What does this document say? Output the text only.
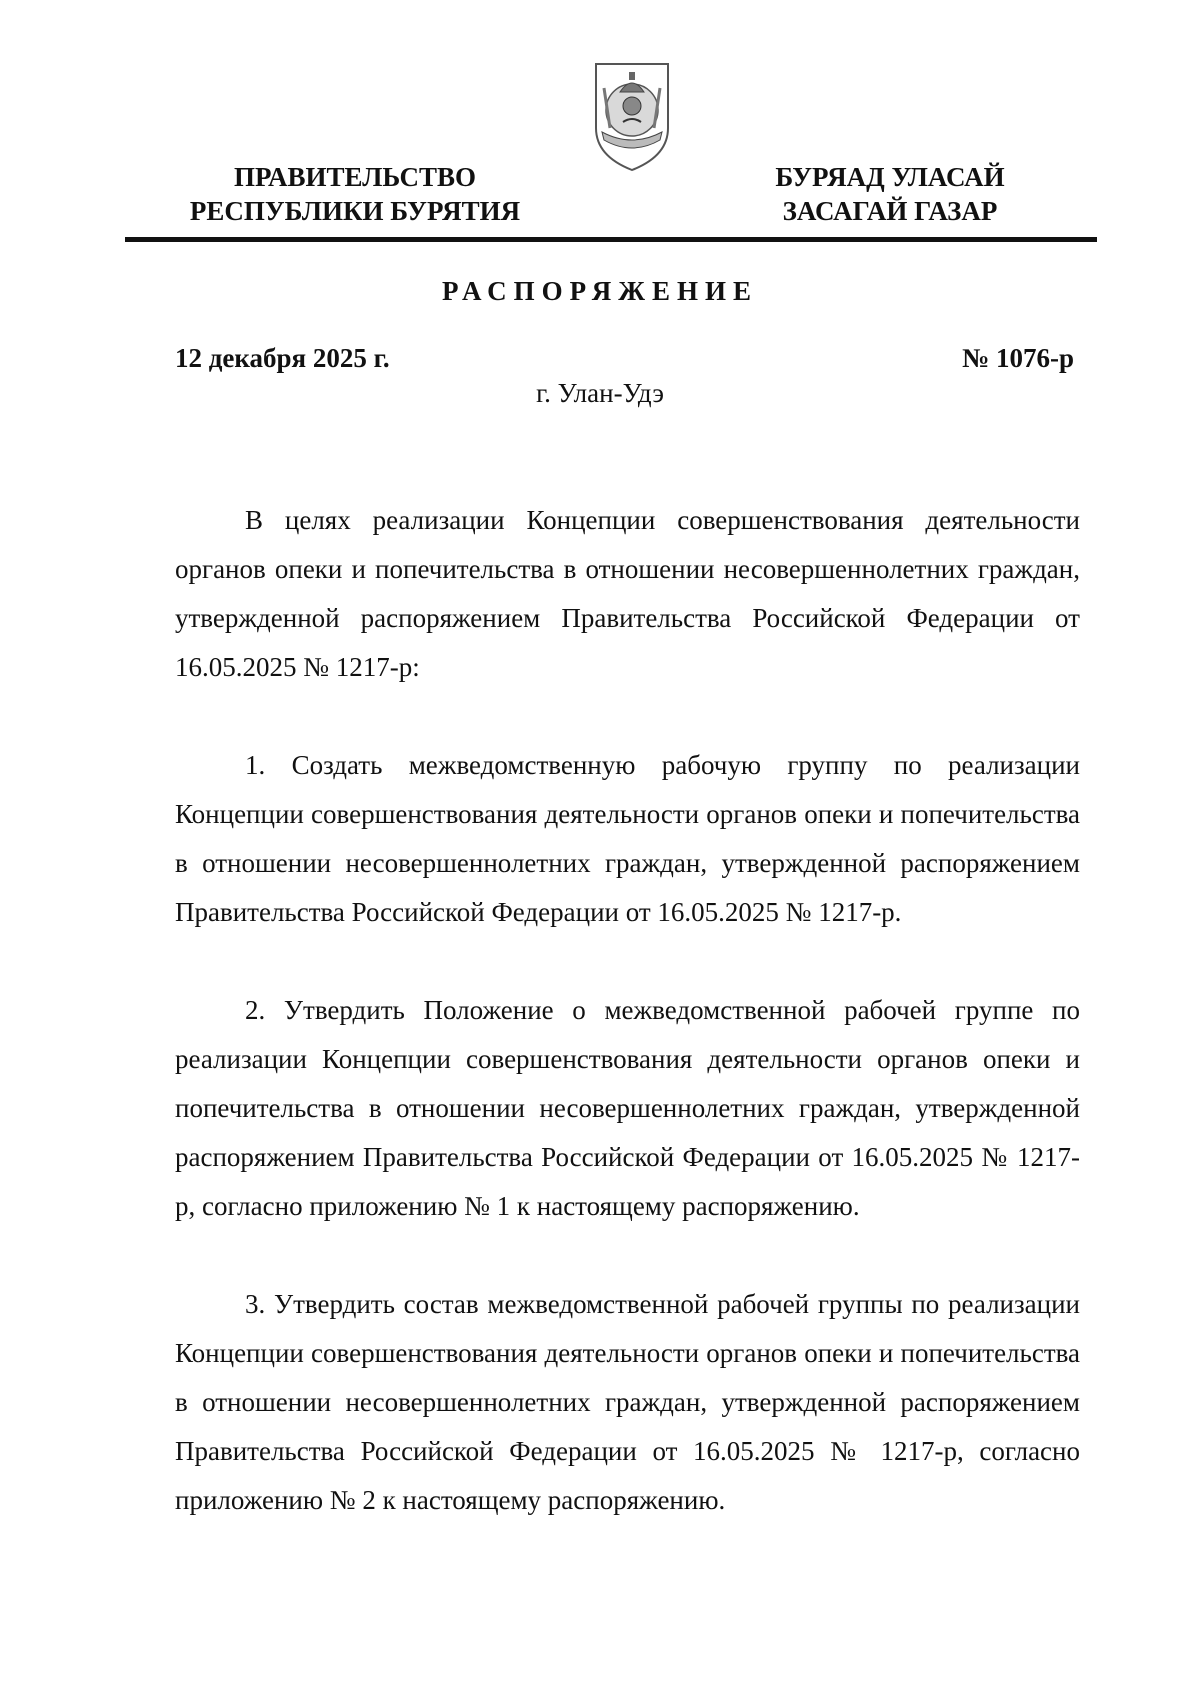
ПРАВИТЕЛЬСТВО
РЕСПУБЛИКИ БУРЯТИЯ
БУРЯАД УЛАСАЙ
ЗАСАГАЙ ГАЗАР
РАСПОРЯЖЕНИЕ
12 декабря 2025 г.	№ 1076-р
г. Улан-Удэ

В целях реализации Концепции совершенствования деятельности органов опеки и попечительства в отношении несовершеннолетних граждан, утвержденной распоряжением Правительства Российской Федерации от 16.05.2025 № 1217-р:

1. Создать межведомственную рабочую группу по реализации Концепции совершенствования деятельности органов опеки и попечительства в отношении несовершеннолетних граждан, утвержденной распоряжением Правительства Российской Федерации от 16.05.2025 № 1217-р.

2. Утвердить Положение о межведомственной рабочей группе по реализации Концепции совершенствования деятельности органов опеки и попечительства в отношении несовершеннолетних граждан, утвержденной распоряжением Правительства Российской Федерации от 16.05.2025 № 1217-р, согласно приложению № 1 к настоящему распоряжению.

3. Утвердить состав межведомственной рабочей группы по реализации Концепции совершенствования деятельности органов опеки и попечительства в отношении несовершеннолетних граждан, утвержденной распоряжением Правительства Российской Федерации от 16.05.2025 № 1217-р, согласно приложению № 2 к настоящему распоряжению.
